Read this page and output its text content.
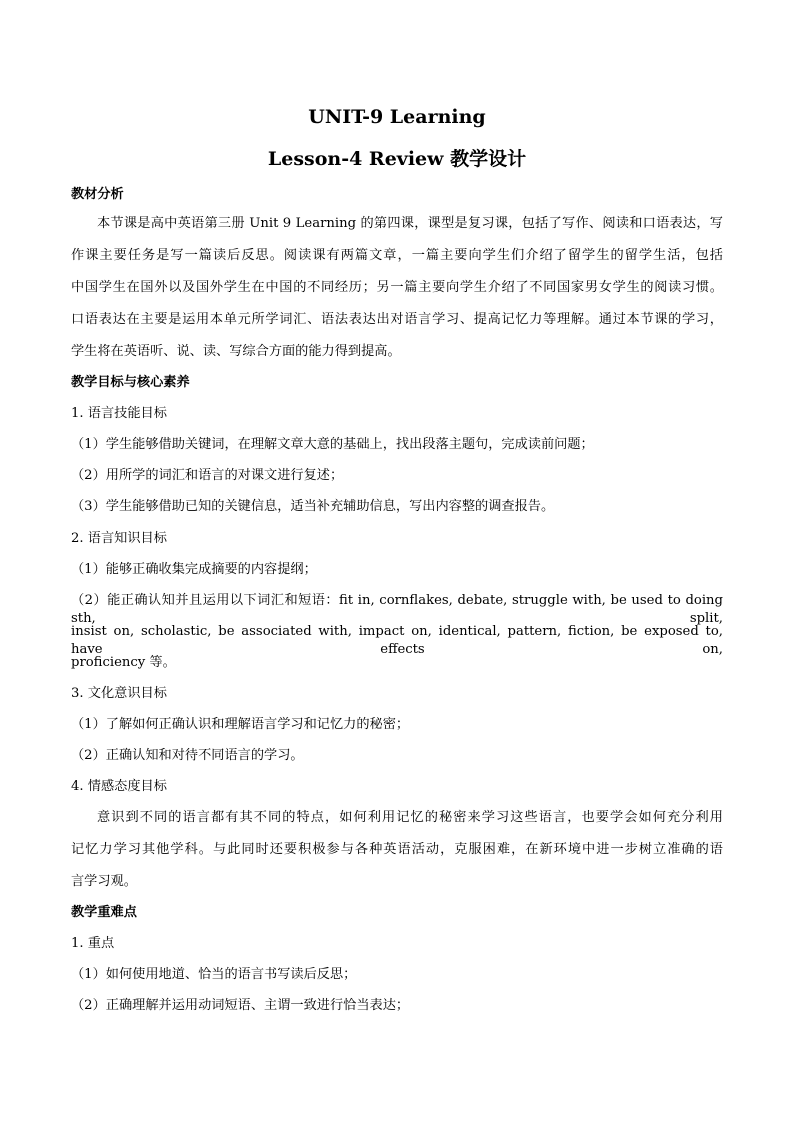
UNIT-9 Learning
Lesson-4 Review 教学设计
教材分析
本节课是高中英语第三册 Unit 9 Learning 的第四课，课型是复习课，包括了写作、阅读和口语表达，写
作课主要任务是写一篇读后反思。阅读课有两篇文章，一篇主要向学生们介绍了留学生的留学生活，包括
中国学生在国外以及国外学生在中国的不同经历；另一篇主要向学生介绍了不同国家男女学生的阅读习惯。
口语表达在主要是运用本单元所学词汇、语法表达出对语言学习、提高记忆力等理解。通过本节课的学习，
学生将在英语听、说、读、写综合方面的能力得到提高。
教学目标与核心素养
1. 语言技能目标
（1）学生能够借助关键词，在理解文章大意的基础上，找出段落主题句，完成读前问题；
（2）用所学的词汇和语言的对课文进行复述；
（3）学生能够借助已知的关键信息，适当补充辅助信息，写出内容整的调查报告。
2. 语言知识目标
（1）能够正确收集完成摘要的内容提纲；
（2）能正确认知并且运用以下词汇和短语：fit in, cornflakes, debate, struggle with, be used to doing sth, split,
insist on, scholastic, be associated with, impact on, identical, pattern, fiction, be exposed to, have effects on,
proficiency 等。
3. 文化意识目标
（1）了解如何正确认识和理解语言学习和记忆力的秘密；
（2）正确认知和对待不同语言的学习。
4. 情感态度目标
意识到不同的语言都有其不同的特点，如何利用记忆的秘密来学习这些语言，也要学会如何充分利用
记忆力学习其他学科。与此同时还要积极参与各种英语活动，克服困难，在新环境中进一步树立准确的语
言学习观。
教学重难点
1. 重点
（1）如何使用地道、恰当的语言书写读后反思；
（2）正确理解并运用动词短语、主谓一致进行恰当表达；
